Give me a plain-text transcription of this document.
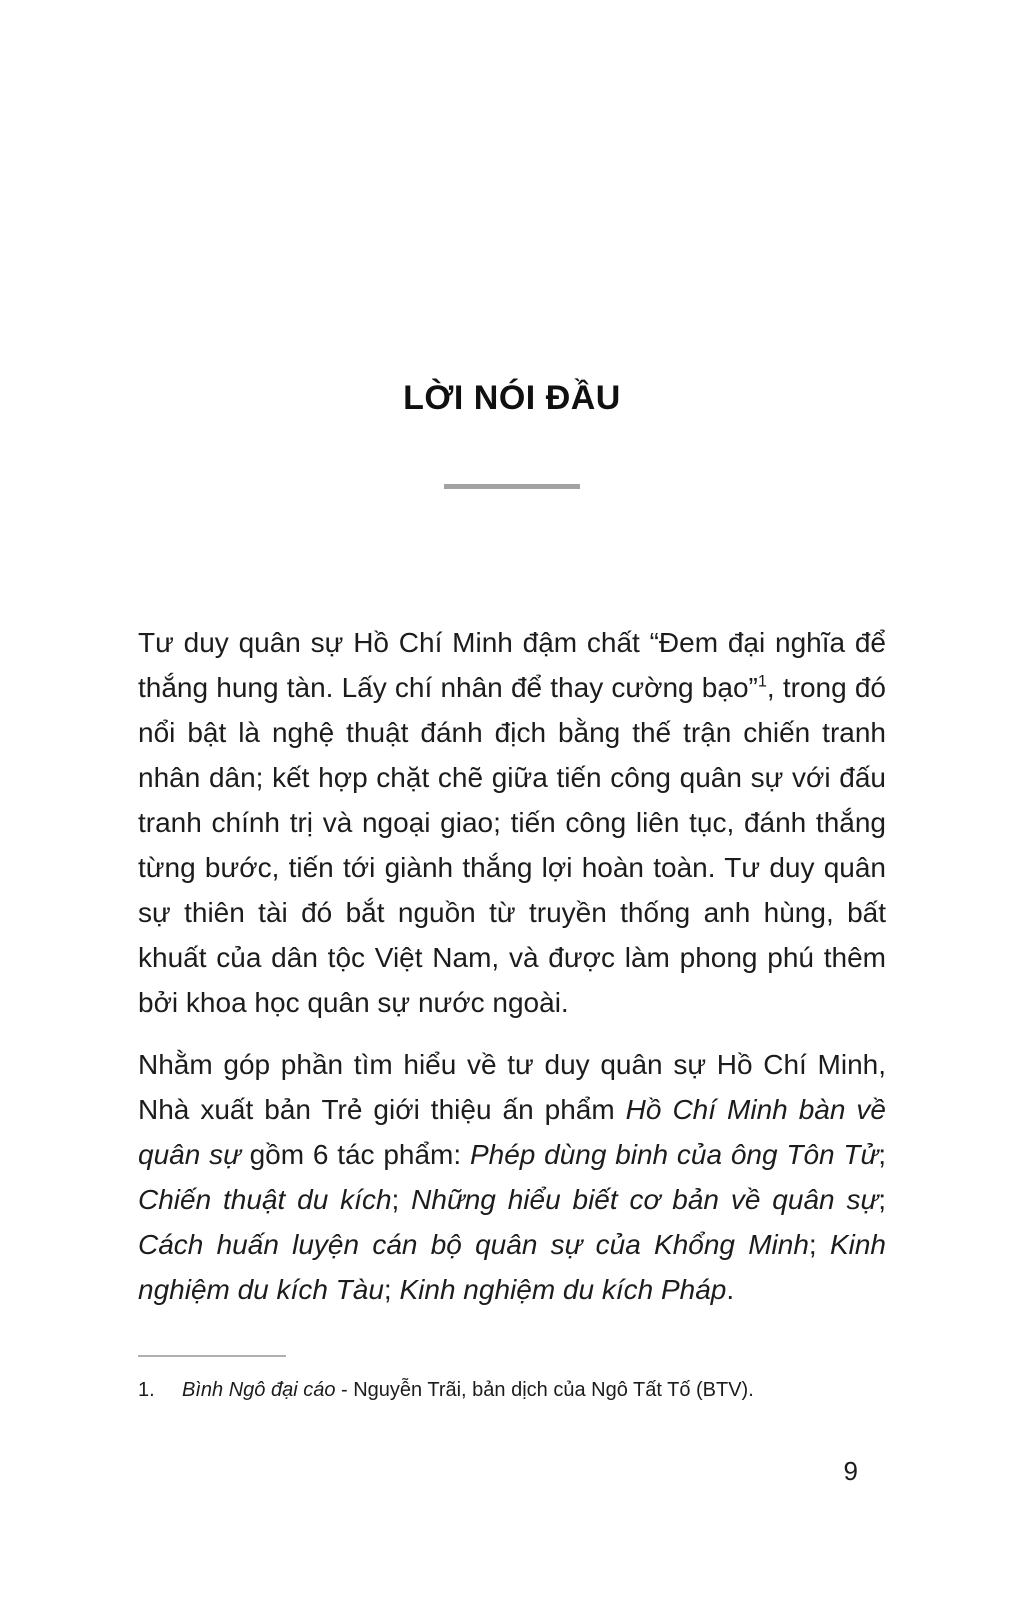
LỜI NÓI ĐẦU

Tư duy quân sự Hồ Chí Minh đậm chất “Đem đại nghĩa để thắng hung tàn. Lấy chí nhân để thay cường bạo”$^1$, trong đó nổi bật là nghệ thuật đánh địch bằng thế trận chiến tranh nhân dân; kết hợp chặt chẽ giữa tiến công quân sự với đấu tranh chính trị và ngoại giao; tiến công liên tục, đánh thắng từng bước, tiến tới giành thắng lợi hoàn toàn. Tư duy quân sự thiên tài đó bắt nguồn từ truyền thống anh hùng, bất khuất của dân tộc Việt Nam, và được làm phong phú thêm bởi khoa học quân sự nước ngoài.

Nhằm góp phần tìm hiểu về tư duy quân sự Hồ Chí Minh, Nhà xuất bản Trẻ giới thiệu ấn phẩm Hồ Chí Minh bàn về quân sự gồm 6 tác phẩm: Phép dùng binh của ông Tôn Tử; Chiến thuật du kích; Những hiểu biết cơ bản về quân sự; Cách huấn luyện cán bộ quân sự của Khổng Minh; Kinh nghiệm du kích Tàu; Kinh nghiệm du kích Pháp.

1.	Bình Ngô đại cáo - Nguyễn Trãi, bản dịch của Ngô Tất Tố (BTV).
9
